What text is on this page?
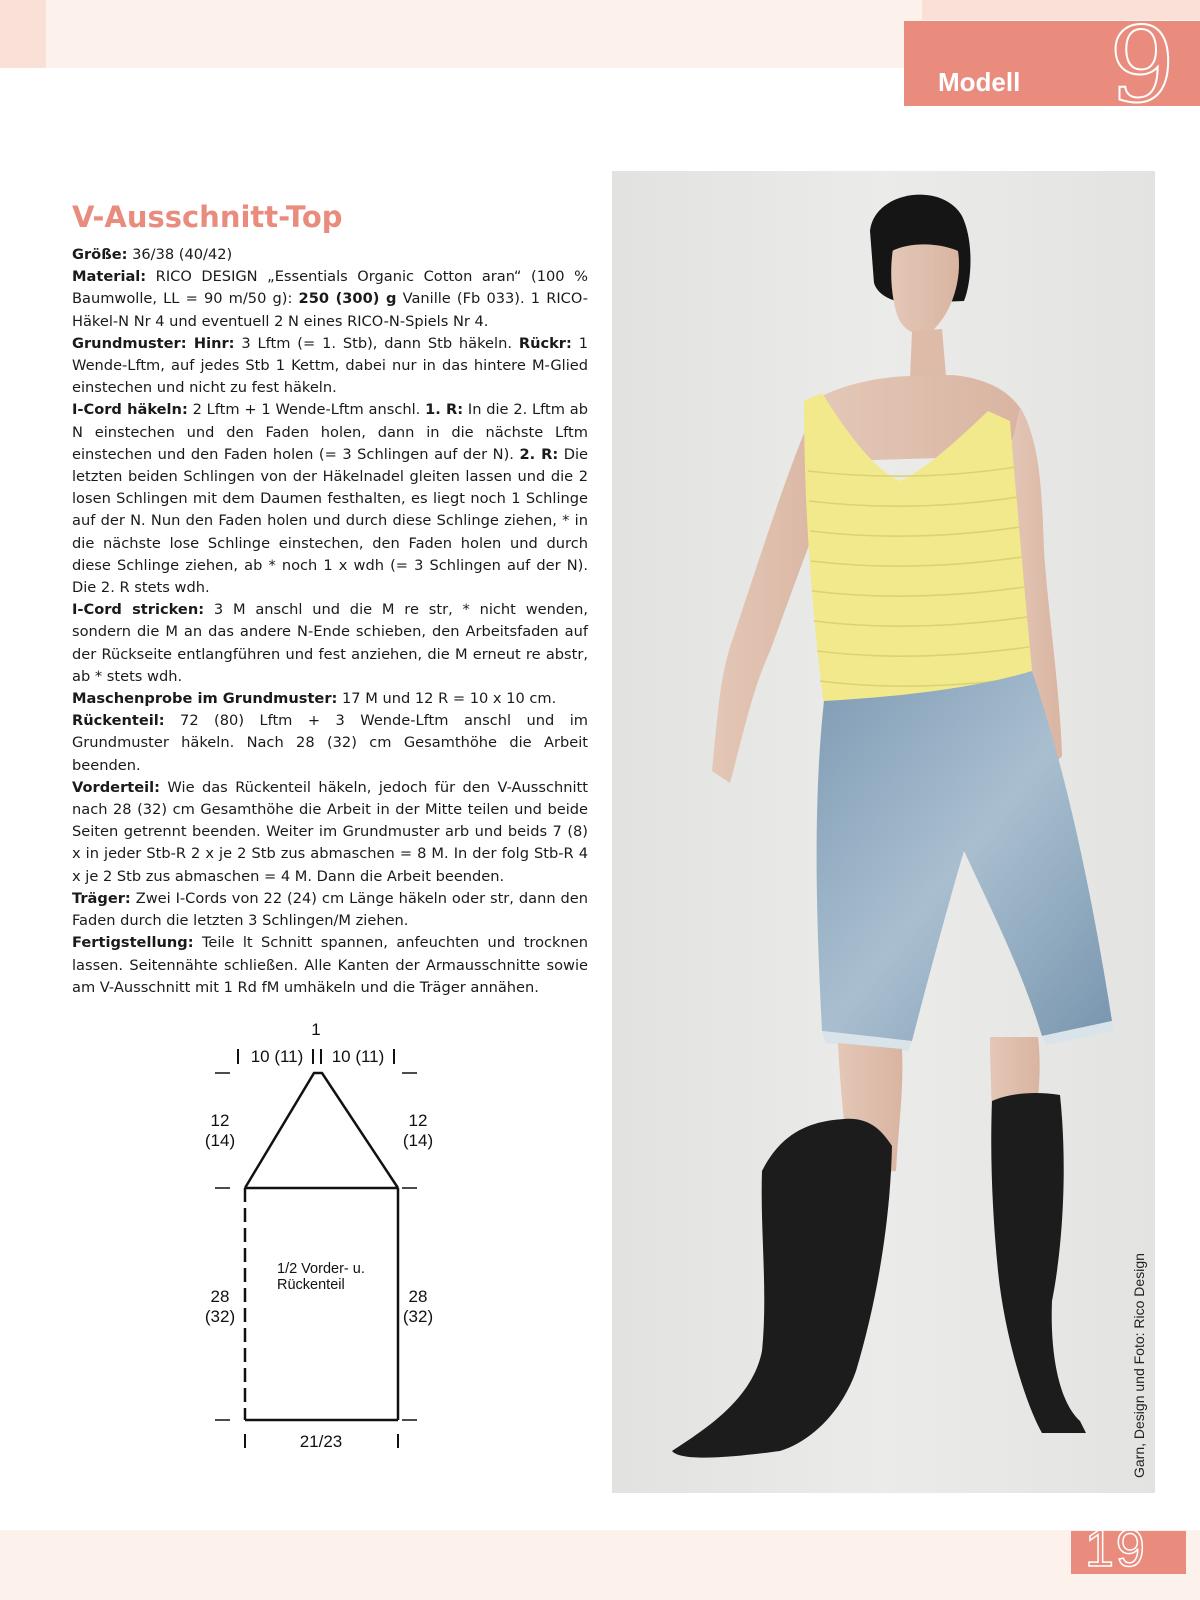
Modell 9
V-Ausschnitt-Top

Größe: 36/38 (40/42)

Material: RICO DESIGN „Essentials Organic Cotton aran“ (100 % Baumwolle, LL = 90 m/50 g): 250 (300) g Vanille (Fb 033). 1 RICO-Häkel-N Nr 4 und eventuell 2 N eines RICO-N-Spiels Nr 4.

Grundmuster: Hinr: 3 Lftm (= 1. Stb), dann Stb häkeln. Rückr: 1 Wende-Lftm, auf jedes Stb 1 Kettm, dabei nur in das hintere M-Glied einstechen und nicht zu fest häkeln.

I-Cord häkeln: 2 Lftm + 1 Wende-Lftm anschl. 1. R: In die 2. Lftm ab N einstechen und den Faden holen, dann in die nächste Lftm einstechen und den Faden holen (= 3 Schlingen auf der N). 2. R: Die letzten beiden Schlingen von der Häkelnadel gleiten lassen und die 2 losen Schlingen mit dem Daumen festhalten, es liegt noch 1 Schlinge auf der N. Nun den Faden holen und durch diese Schlinge ziehen, * in die nächste lose Schlinge einstechen, den Faden holen und durch diese Schlinge ziehen, ab * noch 1 x wdh (= 3 Schlingen auf der N). Die 2. R stets wdh.

I-Cord stricken: 3 M anschl und die M re str, * nicht wenden, sondern die M an das andere N-Ende schieben, den Arbeitsfaden auf der Rückseite entlangführen und fest anziehen, die M erneut re abstr, ab * stets wdh.

Maschenprobe im Grundmuster: 17 M und 12 R = 10 x 10 cm.

Rückenteil: 72 (80) Lftm + 3 Wende-Lftm anschl und im Grundmuster häkeln. Nach 28 (32) cm Gesamthöhe die Arbeit beenden.

Vorderteil: Wie das Rückenteil häkeln, jedoch für den V-Ausschnitt nach 28 (32) cm Gesamthöhe die Arbeit in der Mitte teilen und beide Seiten getrennt beenden. Weiter im Grundmuster arb und beids 7 (8) x in jeder Stb-R 2 x je 2 Stb zus abmaschen = 8 M. In der folg Stb-R 4 x je 2 Stb zus abmaschen = 4 M. Dann die Arbeit beenden.

Träger: Zwei I-Cords von 22 (24) cm Länge häkeln oder str, dann den Faden durch die letzten 3 Schlingen/M ziehen.

Fertigstellung: Teile lt Schnitt spannen, anfeuchten und trocknen lassen. Seitennähte schließen. Alle Kanten der Armausschnitte sowie am V-Ausschnitt mit 1 Rd fM umhäkeln und die Träger annähen.

1
10 (11) 10 (11)
12
(14)
12
(14)
28
(32)
28
(32)
1/2 Vorder- u.
Rückenteil
21/23	Garn, Design und Foto: Rico Design
19
